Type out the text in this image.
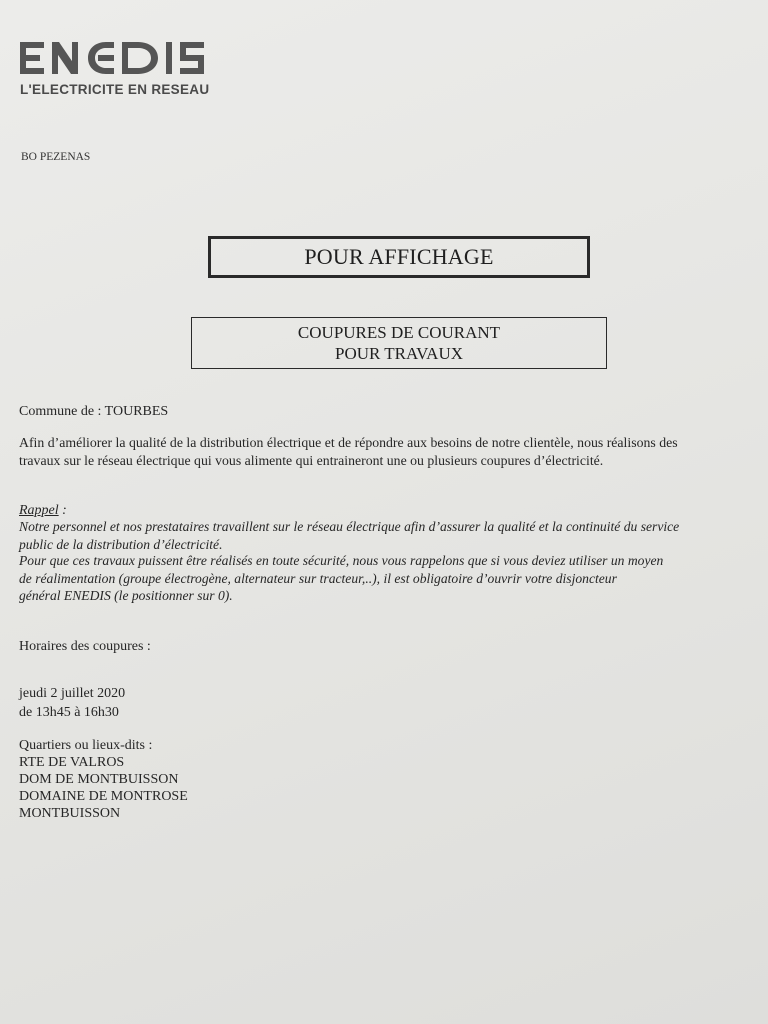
L'ELECTRICITE EN RESEAU
BO PEZENAS
POUR AFFICHAGE
COUPURES DE COURANT
POUR TRAVAUX
Commune de : TOURBES
Afin d’améliorer la qualité de la distribution électrique et de répondre aux besoins de notre clientèle, nous réalisons des
travaux sur le réseau électrique qui vous alimente qui entraineront une ou plusieurs coupures d’électricité.
Rappel :
Notre personnel et nos prestataires travaillent sur le réseau électrique afin d’assurer la qualité et la continuité du service
public de la distribution d’électricité.
Pour que ces travaux puissent être réalisés en toute sécurité, nous vous rappelons que si vous deviez utiliser un moyen
de réalimentation (groupe électrogène, alternateur sur tracteur,..), il est obligatoire d’ouvrir votre disjoncteur
général ENEDIS (le positionner sur 0).
Horaires des coupures :
jeudi 2 juillet 2020
de 13h45 à 16h30
Quartiers ou lieux-dits :
RTE DE VALROS
DOM DE MONTBUISSON
DOMAINE DE MONTROSE
MONTBUISSON
